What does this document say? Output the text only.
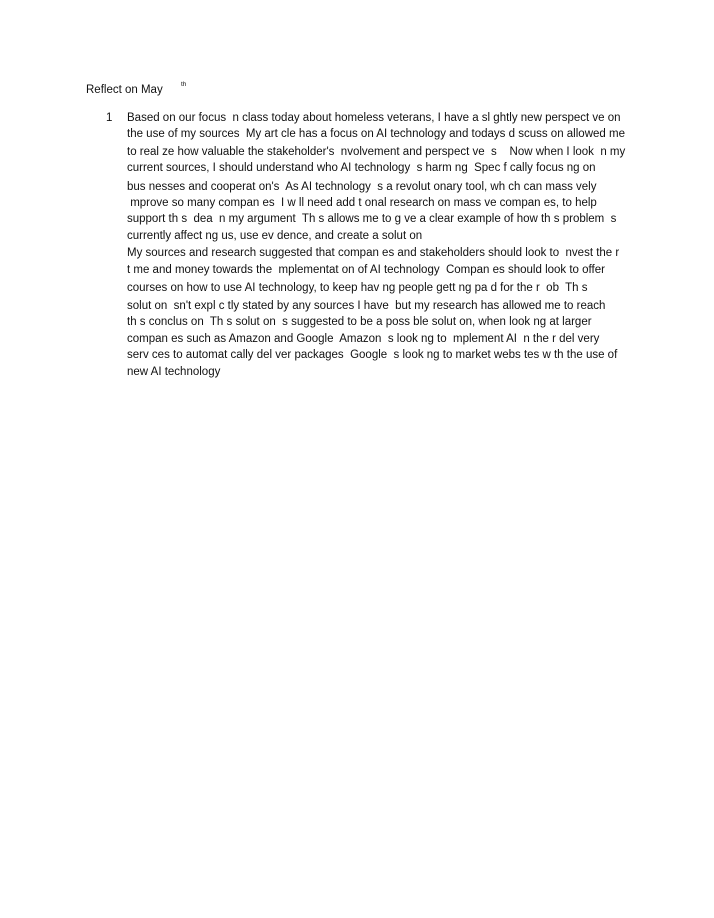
Reflect on May	th
1 Based on our focus  n class today about homeless veterans, I have a sl ghtly new perspect ve on
the use of my sources  My art cle has a focus on AI technology and todays d scuss on allowed me
to real ze how valuable the stakeholder's  nvolvement and perspect ve  s    Now when I look  n my
current sources, I should understand who AI technology  s harm ng  Spec f cally focus ng on
bus nesses and cooperat on's  As AI technology  s a revolut onary tool, wh ch can mass vely
mprove so many compan es  I w ll need add t onal research on mass ve compan es, to help
support th s  dea  n my argument  Th s allows me to g ve a clear example of how th s problem  s
currently affect ng us, use ev dence, and create a solut on
My sources and research suggested that compan es and stakeholders should look to  nvest the r
t me and money towards the  mplementat on of AI technology  Compan es should look to offer
courses on how to use AI technology, to keep hav ng people gett ng pa d for the r  ob  Th s
solut on  sn't expl c tly stated by any sources I have  but my research has allowed me to reach
th s conclus on  Th s solut on  s suggested to be a poss ble solut on, when look ng at larger
compan es such as Amazon and Google  Amazon  s look ng to  mplement AI  n the r del very
serv ces to automat cally del ver packages  Google  s look ng to market webs tes w th the use of
new AI technology
